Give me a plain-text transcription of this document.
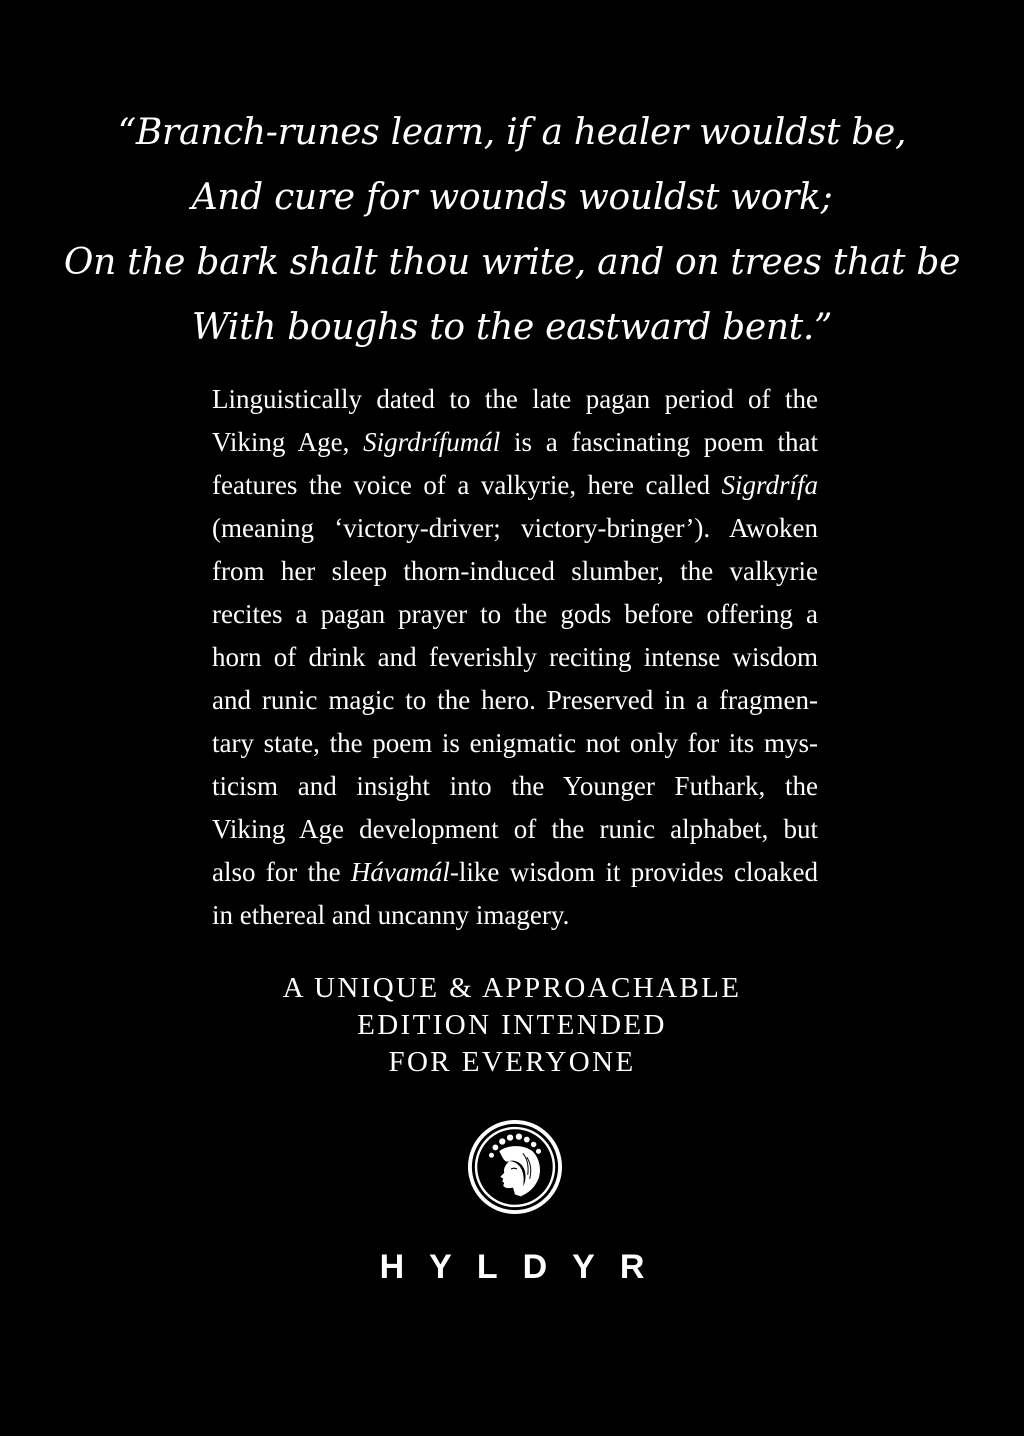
“Branch-runes learn, if a healer wouldst be,
And cure for wounds wouldst work;
On the bark shalt thou write, and on trees that be
With boughs to the eastward bent.”
Linguistically dated to the late pagan period of the
Viking Age, Sigrdrífumál is a fascinating poem that
features the voice of a valkyrie, here called Sigrdrífa
(meaning ‘victory-driver; victory-bringer’). Awoken
from her sleep thorn-induced slumber, the valkyrie
recites a pagan prayer to the gods before offering a
horn of drink and feverishly reciting intense wisdom
and runic magic to the hero. Preserved in a fragmen-
tary state, the poem is enigmatic not only for its mys-
ticism and insight into the Younger Futhark, the
Viking Age development of the runic alphabet, but
also for the Hávamál-like wisdom it provides cloaked
in ethereal and uncanny imagery.
A UNIQUE & APPROACHABLE
EDITION INTENDED
FOR EVERYONE
HYLDYR
